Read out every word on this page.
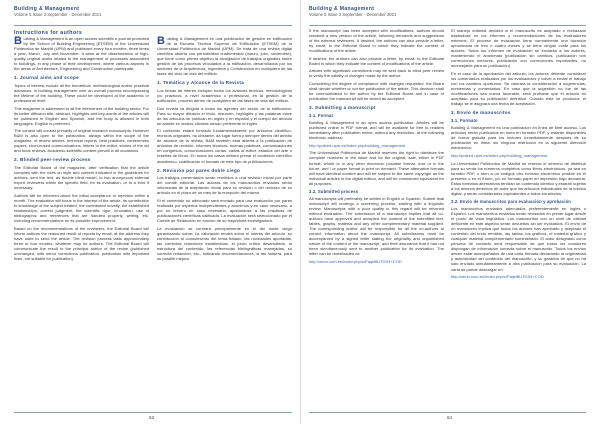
Building & Management
Volume 5 Issue 3 September - December 2021
Instructions for authors

Building & Management is an open access scientific e-journal promoted by the School of Building Engineering (ETSEM) of the Universidad Politécnica de Madrid (UPM) and published every four months, three times a year, March, July and November. It aims at the dissemination of high-quality original works related to the management of processes associated to buildings, in any phase of their development, where various aspects in the areas of Architecture, Engineering and Construction participate.

1. Journal aims and scope

Topics of interest include all the theoretical, methodological and/or practical advances, in building management over an overall process encompassing the lifetime of the building. These could be developed at the academic or professional level.

This magazine is addressed to all the interveners of the building sector. For its better diffusion title, abstract, highlights and key-words of the articles will be published in English and Spanish, and the body is allowed in both languages. English is preferred.

The content will consist primarily of original research manuscripts. However B&M is also open to the publication, always within the scope of the magazine, of review articles, technical reports, best practices, conferences papers, short-nosed communications, letters to the editor, stories of the art and book reviews. Academic-scientific content prevail in all occasions.

2. Blinded peer-review process

The Editorial Board of the magazine, after verification that the article complies with the rules on style and content indicated in the guidelines for authors, sent the text, as double blind model, to two anonymous external expert reviewers within the specific field, for its evaluation, or to a third if necessary.

Authors will be informed about the initial acceptance or rejection within a month. The evaluation will focus in the interest of the article, its contribution to knowledge of the subject treated, the contributed novelty, the established relationships, correct judgment, the scientific rigor, innovation, use of bibliographic and references that are handled properly, writing, etc. Including recommendations for its possible improvement.

Based on the recommendations of the reviewers, the Editorial Board will inform authors the reasoned result of reports by email, at the address they have used to send the article. The revision process lasts approximately three or four months, whatever may be authors. The Editorial Board will communicate the result to the principal author of the revise (published unchanged, with minor corrections publication, publication with important fixes, not suitable for publication).

Building & Management es una publicación de gestión en edificación de la Escuela Técnica Superior de Edificación (ETSEM) de la Universidad Politécnica de Madrid (UPM). Se trata de una revista digital científica abierta con periodicidad cuatrimestral (marzo, julio, noviembre), que tiene como primer objetivo la divulgación de trabajos originales sobre gestión de los procesos vinculados a la edificación, desarrollados por los sectores de la Arquitectura, Ingeniería y Construcción en cualquiera de las fases del ciclo de vida del edificio.

1. Temática y Alcance de la Revista

Los temas de interés incluyen todos los avances teóricos, metodológicos y/o prácticos, a nivel académico o profesional, en la gestión de la edificación, proceso dentro de cualquiera de las fases de vida del edificio.

Dos revista va dirigida a todos los agentes del sector de la edificación. Para su mayor difusión el título, resumen, highlights y las palabras clave de los artículos se publican en inglés y en español y el cuerpo del artículo se admite en ambos idiomas siendo preferente el inglés.

El contenido estará formado fundamentalmente por artículos científico-técnicos originales, no obstante, da lugar fuera y siempre dentro del ámbito de alcance de la revista, B&M también está abierta a la publicación de artículos de revisión, informes técnicos, buenas prácticas, comunicaciones en congresos, comunicaciones cortas, cartas al editor, estados del arte o reseñas de libros. En todos los casos deberá primar el contenido científico académico, cualificando el formato de este tipo de publicaciones.

2. Revisión por pares doble ciego

Los trabajos presentados serán remitidos a una revisión inicial por parte del comité editorial. Las autoras de los manuscritos enviados serán informadas de la aceptación inicial para su revisión o del rechazo de su artículo en el plazo de un mes de la recepción del mismo.

Si el contenido no adecuado será enviado para una evaluación por pares realizada por expertos independientes y anónimos y en caso necesario, a por un tercero en caso necesario, ajustándose a las prácticas de publicaciones científicas calificado. La evaluación será seleccionado por el Comité de Redacción en función de su trayectoria investigadora.

La evaluación se centrará principalmente en el del doble ciego garantizando sobre: La valoración tendrá sobre el interés del artículo, su contribución al conocimiento del tema tratado, las novedades aportadas, las correctas relaciones establecidas, el juicio crítico desarrollado, la estructura del contenido, las referencias bibliográficas manejadas, su correcta redacción, etc., indicando recomendaciones, si las hubiera, para su posible mejora.

63
Building & Management
Volume 5 Issue 3 September - December 2021

If the manuscript has been accepted with modifications, authors should resubmit a new version of the article, following demands and suggestions of the external reviewers. If desired, the authors can also provide a letter, by email, to the Editorial Board in which they indicate the content of modifications of the article.

If desired, the authors can also provide a letter, by email, to the Editorial Board in which they indicate the content of modifications of the article.

Articles with significant corrections may be sent back to blind peer review to verify the validity of changes made by the author.

Considering the degree of compliance with changes requested, the Board shall decide whether or not the publication of the article. This decision shall be communicated to the author by the Editorial Board and in case of publication the manuscript will be stored as accepted.

3. Submitting a manuscript
3.1. Format

Building & Management is an open access publication. Articles will be published online in PDF format, and will be available for free to readers immediately after publication online, without any restriction, at the following electronic address:

http://polired.upm.es/index.php/building_management

The Universidad Politécnica de Madrid reserves the right to distribute the complete numbers or the issue and for the original, sale, either in PDF format, whole or in any other electronic possible format, now or in the future, and / or paper format in print on demand. These alternative formats will have identical content and will be subject to the same copyright as the individual articles in the digital edition, and will be considered equivalent for all purposes.

3.2. Submitted process

All manuscripts will preferably be written in English or Spanish. Submit final manuscript will undergo a screening process, starting with a linguistic review. Manuscripts with a poor quality in this regard will be returned without evaluation. The submission of a manuscript implies that all co-authors have approved and accepted the content of the submitted text, tables, graphs, material and any other complementary material supplied. The corresponding author will be responsible for all the co-authors to correct information about the manuscript. All submissions must be accompanied by a signed letter stating the originality and unpublished nature of the content of the manuscript, and their assurance that it has not been simultaneously sent to another publication for its evaluation. The letter can be downloaded at:

http://oimn.com.es/index.php/c/PaqbBUTDS4+COD

El manejo editorial decidirá si el manuscrito es aceptado o rechazado basándose en los informes y recomendaciones de los evaluadores externos. El proceso de evaluación tiene normalmente una duración aproximada de tres o cuatro meses y se tiene ningún coste para los autores. Todos los informes de evaluación se enviarán a los autores, manteniendo el anonimato (publicación sin cambios, publicación con correcciones menores, publicación con correcciones importantes, no aconsejable para su publicación).

En el caso de la aprobación del artículo, los autores deberán considerar los comentarios realizados por los evaluadores y volver a enviar el trabajo con los cambios oportunos. Se valorará la consideración a sugerencias, enmiendas y comentarios. En caso que la sugestión no fue de las modificaciones sea nueva favorable, será probable que el artículo es aceptado para su publicación definitiva. Cuando éste se produzca, el trabajo se le asignará una fecha de aceptación.

3. Envío de manuscritos
3.1. Formato

Building & Management es una publicación en línea de libre acceso. Los artículos serán publicados en línea en formato PDF, y estarán disponibles de forma gratuita para los lectores inmediatamente después de su publicación en línea, sin ninguna restricción en la siguiente dirección electrónica:

http://polired.upm.es/index.php/building_management

La Universidad Politécnica de Madrid se reserva el derecho de distribuir para su venta los números completos como libros electrónicos, ya sea en formato PDF, o bien a un códigos otro formato electrónico posible en el presente o en el futuro, y/o en formato papel en impresión bajo demanda. Estos formatos alternativos tendrán un contenido idéntico y estarán sujetos a los mismos derechos de autor que los artículos individuales de la edición digital, y serán considerados equivalentes a todos los efectos.

3.2. Envío de manuscritos para evaluación y aprobación

Los manuscritos enviados adecuados preferentemente en inglés o Español. Los manuscritos enviados serán revisados en primer lugar desde el punto de vista lingüístico. Los manuscritos con un nivel de calidad deficiente en este aspecto serán devueltos sin ser evaluados. El envío de un manuscrito implica que todos los autores han aprobado y aceptado el contenido del texto remitido, las tablas, los gráficos, el material gráfico y cualquier material complementario suministrado. El autor designado como persona de contacto será responsable de que todos los coautores dispongan de información correcta sobre el manuscrito. Todos los envíos deben estar acompañados de una carta firmada declarando la originalidad y autenticidad del contenido del manuscrito, y su garantía de que no ha sido enviado simultáneamente a otra publicación para su evaluación. La carta se puede descargar en:

http://oimn.com.es/index.php/c/PaqbBUTDS4+COD

64
